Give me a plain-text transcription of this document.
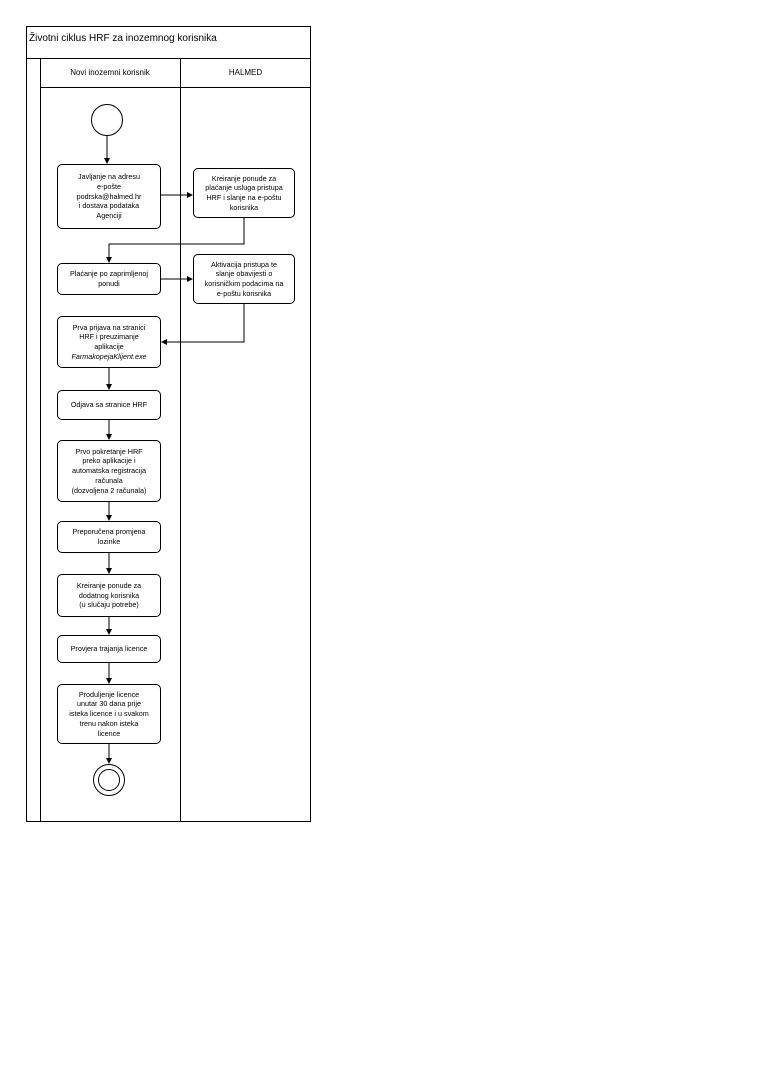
Životni ciklus HRF za inozemnog korisnika
Novi inozemni korisnik	HALMED
Javljanje na adresu
e-pošte
podrska@halmed.hr
i dostava podataka
Agenciji
Kreiranje ponude za
plaćanje usluga pristupa
HRF i slanje na e-poštu
korisnika
Plaćanje po zaprimljenoj
ponudi
Aktivacija pristupa te
slanje obavijesti o
korisničkim podacima na
e-poštu korisnika
Prva prijava na stranici
HRF i preuzimanje
aplikacije
FarmakopejaKlijent.exe
Odjava sa stranice HRF
Prvo pokretanje HRF
preko aplikacije i
automatska registracija
računala
(dozvoljena 2 računala)
Preporučena promjena
lozinke
Kreiranje ponude za
dodatnog korisnika
(u slučaju potrebe)
Provjera trajanja licence
Produljenje licence
unutar 30 dana prije
isteka licence i u svakom
trenu nakon isteka
licence
